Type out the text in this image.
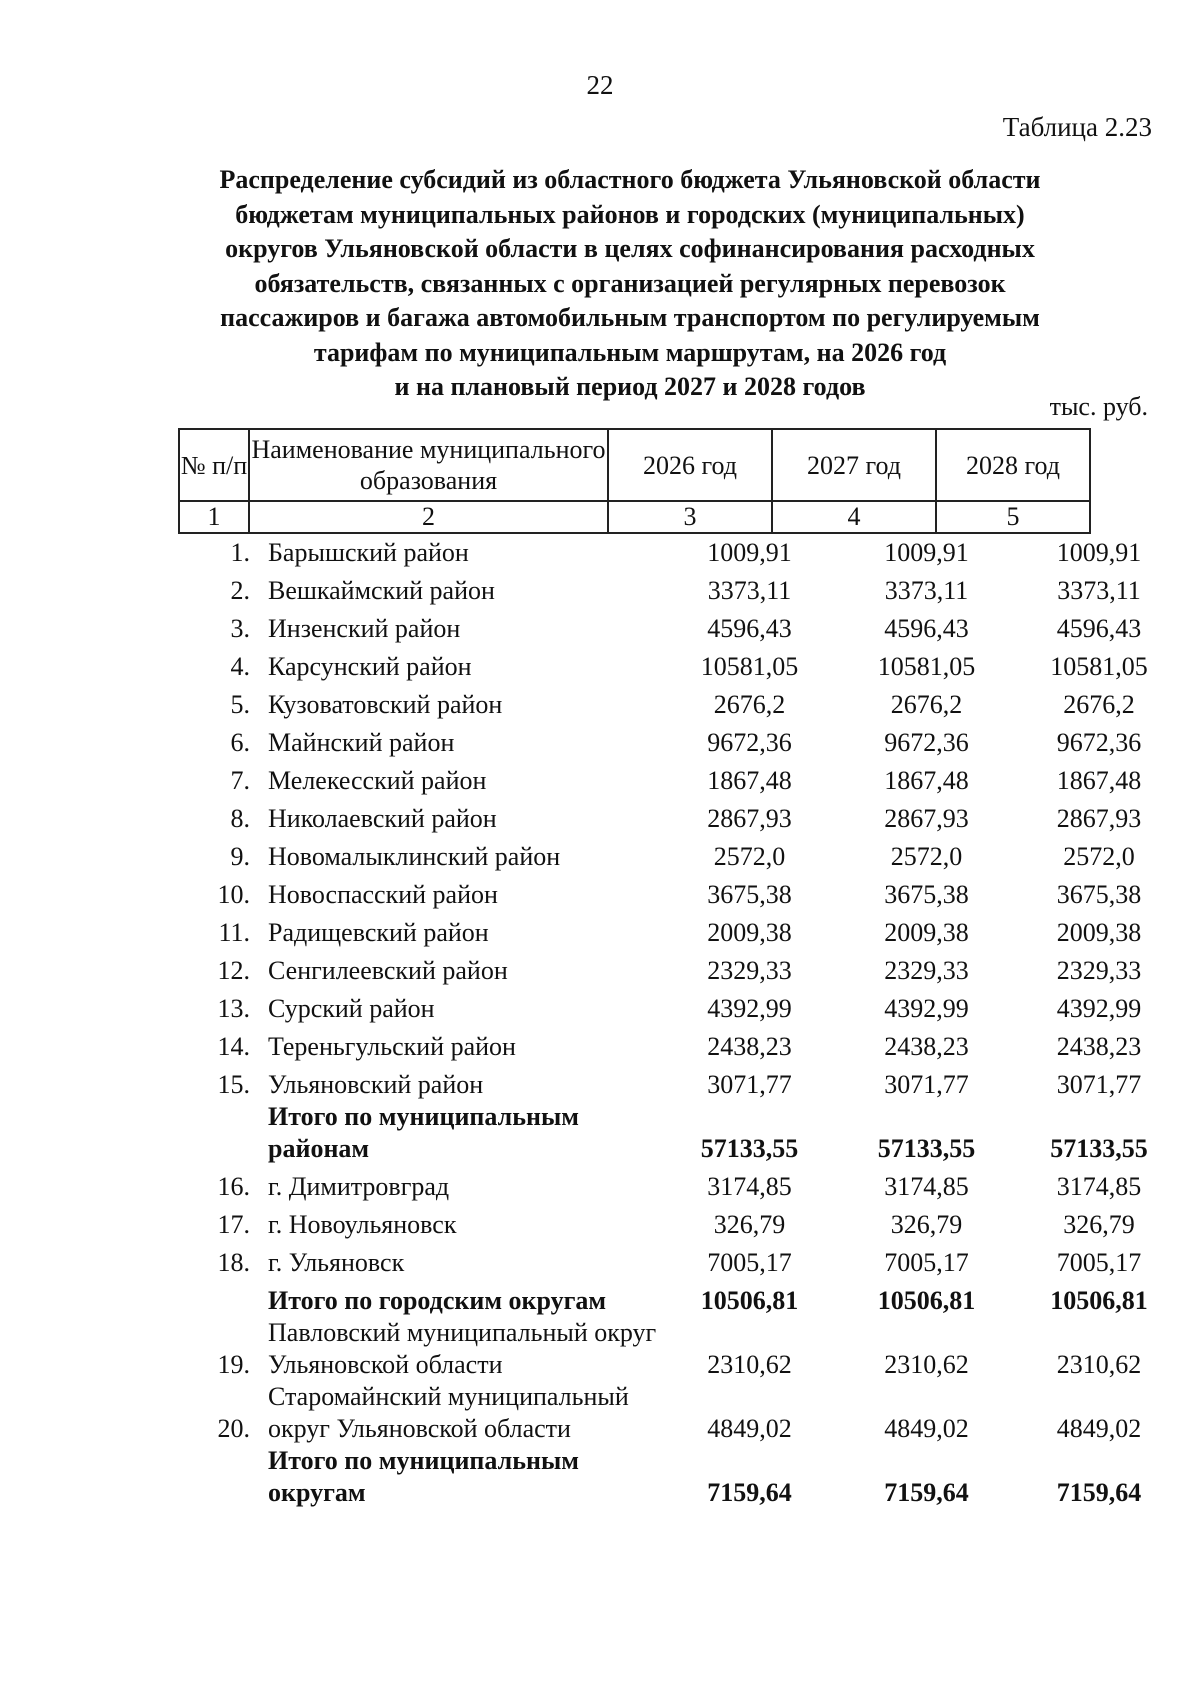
22
Таблица 2.23
Распределение субсидий из областного бюджета Ульяновской области
бюджетам муниципальных районов и городских (муниципальных)
округов Ульяновской области в целях софинансирования расходных
обязательств, связанных с организацией регулярных перевозок
пассажиров и багажа автомобильным транспортом по регулируемым
тарифам по муниципальным маршрутам, на 2026 год
и на плановый период 2027 и 2028 годов
тыс. руб.
№ п/п	Наименование муниципального образования	2026 год	2027 год	2028 год
1	2	3	4	5
1.	Барышский район	1009,91	1009,91	1009,91
2.	Вешкаймский район	3373,11	3373,11	3373,11
3.	Инзенский район	4596,43	4596,43	4596,43
4.	Карсунский район	10581,05	10581,05	10581,05
5.	Кузоватовский район	2676,2	2676,2	2676,2
6.	Майнский район	9672,36	9672,36	9672,36
7.	Мелекесский район	1867,48	1867,48	1867,48
8.	Николаевский район	2867,93	2867,93	2867,93
9.	Новомалыклинский район	2572,0	2572,0	2572,0
10.	Новоспасский район	3675,38	3675,38	3675,38
11.	Радищевский район	2009,38	2009,38	2009,38
12.	Сенгилеевский район	2329,33	2329,33	2329,33
13.	Сурский район	4392,99	4392,99	4392,99
14.	Тереньгульский район	2438,23	2438,23	2438,23
15.	Ульяновский район	3071,77	3071,77	3071,77
	Итого по муниципальным районам	57133,55	57133,55	57133,55
16.	г. Димитровград	3174,85	3174,85	3174,85
17.	г. Новоульяновск	326,79	326,79	326,79
18.	г. Ульяновск	7005,17	7005,17	7005,17
	Итого по городским округам	10506,81	10506,81	10506,81
19.	Павловский муниципальный округ Ульяновской области	2310,62	2310,62	2310,62
20.	Старомайнский муниципальный округ Ульяновской области	4849,02	4849,02	4849,02
	Итого по муниципальным округам	7159,64	7159,64	7159,64
